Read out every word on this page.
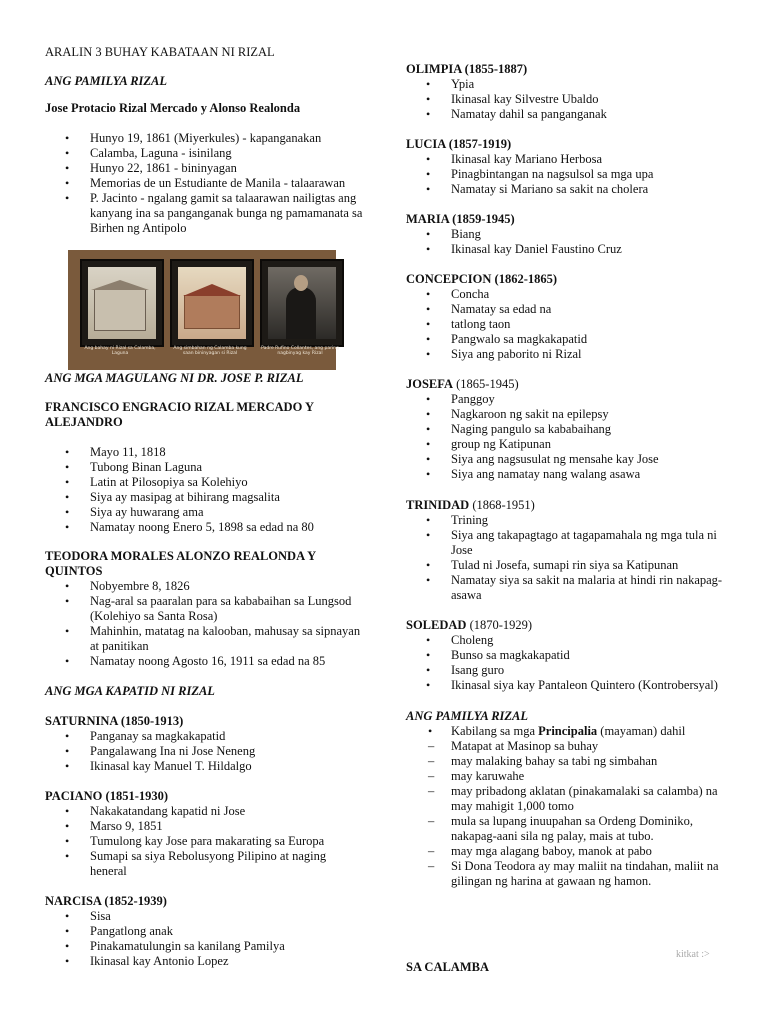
ARALIN 3 BUHAY KABATAAN NI RIZAL
ANG PAMILYA RIZAL
Jose Protacio Rizal Mercado y Alonso Realonda
• Hunyo 19, 1861 (Miyerkules) - kapanganakan
• Calamba, Laguna - isinilang
• Hunyo 22, 1861 - bininyagan
• Memorias de un Estudiante de Manila - talaarawan
• P. Jacinto - ngalang gamit sa talaarawan nailigtas ang kanyang ina sa panganganak bunga ng pamamanata sa Birhen ng Antipolo
Ang bahay ni Rizal sa Calamba, Laguna
Ang simbahan ng Calamba kung saan bininyagan si Rizal
Padre Rufino Collantes, ang paring nagbinyag kay Rizal
ANG MGA MAGULANG NI DR. JOSE P. RIZAL
FRANCISCO ENGRACIO RIZAL MERCADO Y ALEJANDRO
• Mayo 11, 1818
• Tubong Binan Laguna
• Latin at Pilosopiya sa Kolehiyo
• Siya ay masipag at bihirang magsalita
• Siya ay huwarang ama
• Namatay noong Enero 5, 1898 sa edad na 80
TEODORA MORALES ALONZO REALONDA Y QUINTOS
• Nobyembre 8, 1826
• Nag-aral sa paaralan para sa kababaihan sa Lungsod (Kolehiyo sa Santa Rosa)
• Mahinhin, matatag na kalooban, mahusay sa sipnayan at panitikan
• Namatay noong Agosto 16, 1911 sa edad na 85
ANG MGA KAPATID NI RIZAL
SATURNINA (1850-1913)
• Panganay sa magkakapatid
• Pangalawang Ina ni Jose Neneng
• Ikinasal kay Manuel T. Hildalgo
PACIANO (1851-1930)
• Nakakatandang kapatid ni Jose
• Marso 9, 1851
• Tumulong kay Jose para makarating sa Europa
• Sumapi sa siya Rebolusyong Pilipino at naging heneral
NARCISA (1852-1939)
• Sisa
• Pangatlong anak
• Pinakamatulungin sa kanilang Pamilya
• Ikinasal kay Antonio Lopez
OLIMPIA (1855-1887)
• Ypia
• Ikinasal kay Silvestre Ubaldo
• Namatay dahil sa panganganak
LUCIA (1857-1919)
• Ikinasal kay Mariano Herbosa
• Pinagbintangan na nagsulsol sa mga upa
• Namatay si Mariano sa sakit na cholera
MARIA (1859-1945)
• Biang
• Ikinasal kay Daniel Faustino Cruz
CONCEPCION (1862-1865)
• Concha
• Namatay sa edad na
• tatlong taon
• Pangwalo sa magkakapatid
• Siya ang paborito ni Rizal
JOSEFA (1865-1945)
• Panggoy
• Nagkaroon ng sakit na epilepsy
• Naging pangulo sa kababaihang
• group ng Katipunan
• Siya ang nagsusulat ng mensahe kay Jose
• Siya ang namatay nang walang asawa
TRINIDAD (1868-1951)
• Trining
• Siya ang takapagtago at tagapamahala ng mga tula ni Jose
• Tulad ni Josefa, sumapi rin siya sa Katipunan
• Namatay siya sa sakit na malaria at hindi rin nakapag-asawa
SOLEDAD (1870-1929)
• Choleng
• Bunso sa magkakapatid
• Isang guro
• Ikinasal siya kay Pantaleon Quintero (Kontrobersyal)
ANG PAMILYA RIZAL
• Kabilang sa mga Principalia (mayaman) dahil
– Matapat at Masinop sa buhay
– may malaking bahay sa tabi ng simbahan
– may karuwahe
– may pribadong aklatan (pinakamalaki sa calamba) na may mahigit 1,000 tomo
– mula sa lupang inuupahan sa Ordeng Dominiko, nakapag-aani sila ng palay, mais at tubo.
– may mga alagang baboy, manok at pabo
– Si Dona Teodora ay may maliit na tindahan, maliit na gilingan ng harina at gawaan ng hamon.
SA CALAMBA
kitkat :>
